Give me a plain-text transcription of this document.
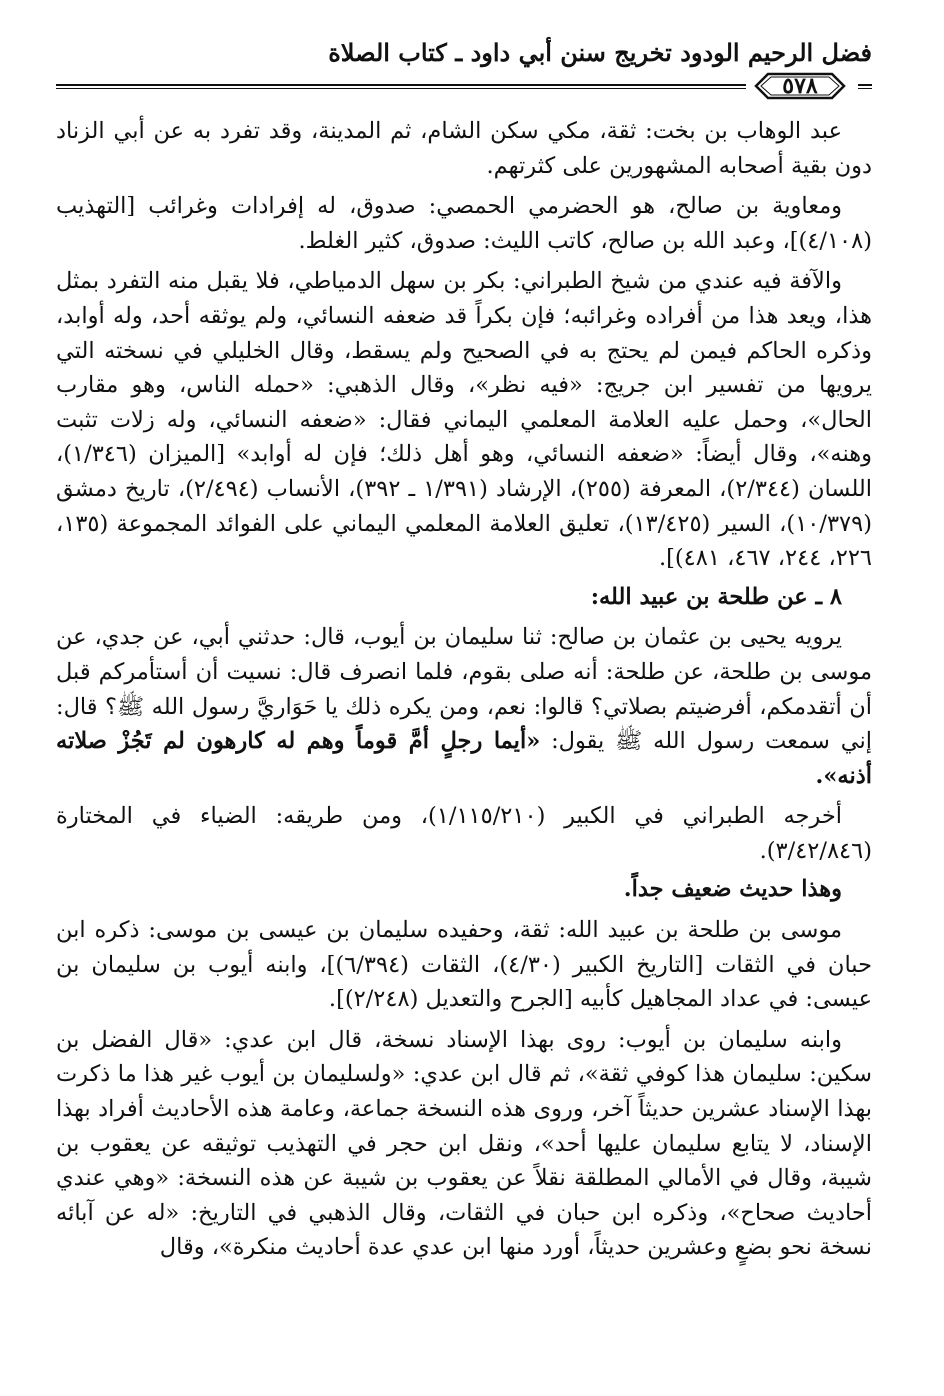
فضل الرحيم الودود تخريج سنن أبي داود ـ كتاب الصلاة
٥٧٨

عبد الوهاب بن بخت: ثقة، مكي سكن الشام، ثم المدينة، وقد تفرد به عن أبي الزناد دون بقية أصحابه المشهورين على كثرتهم.

ومعاوية بن صالح، هو الحضرمي الحمصي: صدوق، له إفرادات وغرائب [التهذيب (٤/١٠٨)]، وعبد الله بن صالح، كاتب الليث: صدوق، كثير الغلط.

والآفة فيه عندي من شيخ الطبراني: بكر بن سهل الدمياطي، فلا يقبل منه التفرد بمثل هذا، ويعد هذا من أفراده وغرائبه؛ فإن بكراً قد ضعفه النسائي، ولم يوثقه أحد، وله أوابد، وذكره الحاكم فيمن لم يحتج به في الصحيح ولم يسقط، وقال الخليلي في نسخته التي يرويها من تفسير ابن جريج: «فيه نظر»، وقال الذهبي: «حمله الناس، وهو مقارب الحال»، وحمل عليه العلامة المعلمي اليماني فقال: «ضعفه النسائي، وله زلات تثبت وهنه»، وقال أيضاً: «ضعفه النسائي، وهو أهل ذلك؛ فإن له أوابد» [الميزان (١/٣٤٦)، اللسان (٢/٣٤٤)، المعرفة (٢٥٥)، الإرشاد (١/٣٩١ ـ ٣٩٢)، الأنساب (٢/٤٩٤)، تاريخ دمشق (١٠/٣٧٩)، السير (١٣/٤٢٥)، تعليق العلامة المعلمي اليماني على الفوائد المجموعة (١٣٥، ٢٢٦، ٢٤٤، ٤٦٧، ٤٨١)].

٨ ـ عن طلحة بن عبيد الله:

يرويه يحيى بن عثمان بن صالح: ثنا سليمان بن أيوب، قال: حدثني أبي، عن جدي، عن موسى بن طلحة، عن طلحة: أنه صلى بقوم، فلما انصرف قال: نسيت أن أستأمركم قبل أن أتقدمكم، أفرضيتم بصلاتي؟ قالوا: نعم، ومن يكره ذلك يا حَوَاريَّ رسول الله ﷺ؟ قال: إني سمعت رسول الله ﷺ يقول: «أيما رجلٍ أمَّ قوماً وهم له كارهون لم تَجُزْ صلاته أذنه».

أخرجه الطبراني في الكبير (١/١١٥/٢١٠)، ومن طريقه: الضياء في المختارة (٣/٤٢/٨٤٦).

وهذا حديث ضعيف جداً.

موسى بن طلحة بن عبيد الله: ثقة، وحفيده سليمان بن عيسى بن موسى: ذكره ابن حبان في الثقات [التاريخ الكبير (٤/٣٠)، الثقات (٦/٣٩٤)]، وابنه أيوب بن سليمان بن عيسى: في عداد المجاهيل كأبيه [الجرح والتعديل (٢/٢٤٨)].

وابنه سليمان بن أيوب: روى بهذا الإسناد نسخة، قال ابن عدي: «قال الفضل بن سكين: سليمان هذا كوفي ثقة»، ثم قال ابن عدي: «ولسليمان بن أيوب غير هذا ما ذكرت بهذا الإسناد عشرين حديثاً آخر، وروى هذه النسخة جماعة، وعامة هذه الأحاديث أفراد بهذا الإسناد، لا يتابع سليمان عليها أحد»، ونقل ابن حجر في التهذيب توثيقه عن يعقوب بن شيبة، وقال في الأمالي المطلقة نقلاً عن يعقوب بن شيبة عن هذه النسخة: «وهي عندي أحاديث صحاح»، وذكره ابن حبان في الثقات، وقال الذهبي في التاريخ: «له عن آبائه نسخة نحو بضعٍ وعشرين حديثاً، أورد منها ابن عدي عدة أحاديث منكرة»، وقال
